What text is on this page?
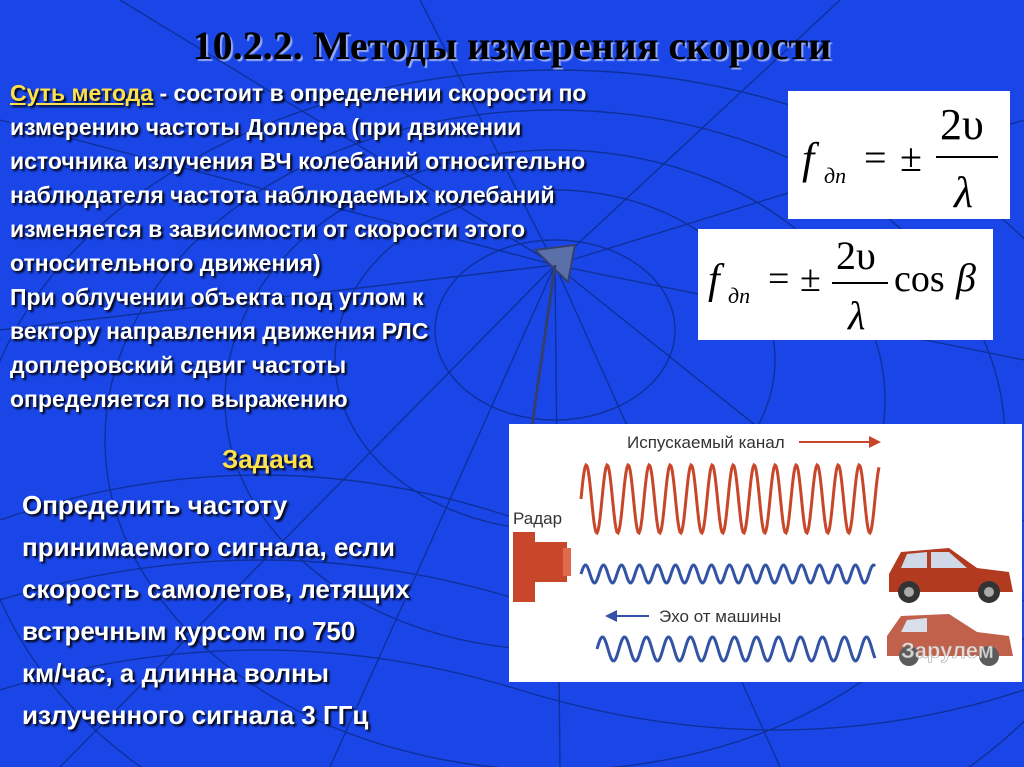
10.2.2. Методы измерения скорости

Суть метода - состоит в определении скорости по
измерению частоты Доплера (при движении
источника излучения ВЧ колебаний относительно
наблюдателя частота наблюдаемых колебаний
изменяется в зависимости от скорости этого
относительного движения)
При облучении объекта под углом к
вектору направления движения РЛС
доплеровский сдвиг частоты
определяется по выражению

f дп = ±
2υ
λ
f дп = ±
2υ
λ
cos β
Задача

Определить частоту
принимаемого сигнала, если
скорость самолетов, летящих
встречным курсом по 750
км/час, а длинна волны
излученного сигнала 3 ГГц

Испускаемый канал
Радар
Эхо от машины
Зарулем
